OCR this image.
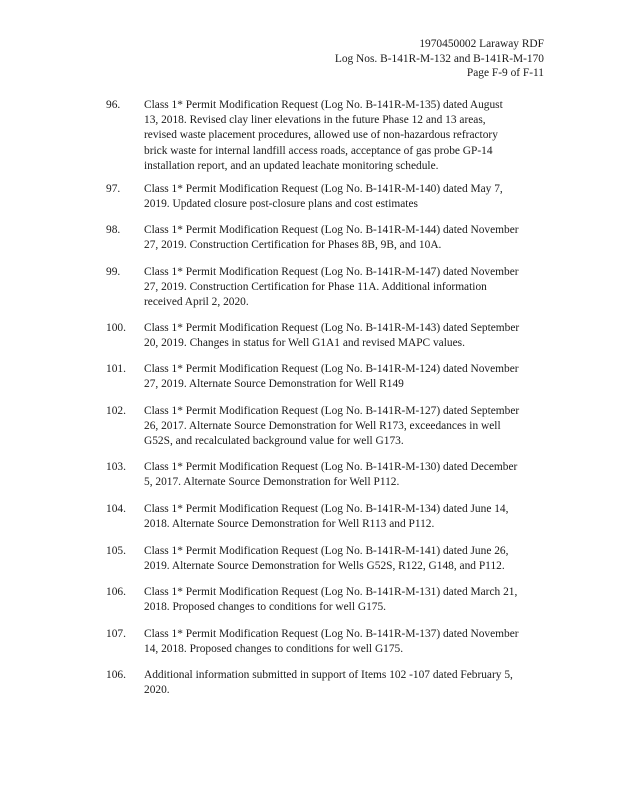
1970450002 Laraway RDF
Log Nos. B-141R-M-132 and B-141R-M-170
Page F-9 of F-11
96. Class 1* Permit Modification Request (Log No. B-141R-M-135) dated August
13, 2018. Revised clay liner elevations in the future Phase 12 and 13 areas,
revised waste placement procedures, allowed use of non-hazardous refractory
brick waste for internal landfill access roads, acceptance of gas probe GP-14
installation report, and an updated leachate monitoring schedule.
97. Class 1* Permit Modification Request (Log No. B-141R-M-140) dated May 7,
2019. Updated closure post-closure plans and cost estimates
98. Class 1* Permit Modification Request (Log No. B-141R-M-144) dated November
27, 2019. Construction Certification for Phases 8B, 9B, and 10A.
99. Class 1* Permit Modification Request (Log No. B-141R-M-147) dated November
27, 2019. Construction Certification for Phase 11A. Additional information
received April 2, 2020.
100. Class 1* Permit Modification Request (Log No. B-141R-M-143) dated September
20, 2019. Changes in status for Well G1A1 and revised MAPC values.
101. Class 1* Permit Modification Request (Log No. B-141R-M-124) dated November
27, 2019. Alternate Source Demonstration for Well R149
102. Class 1* Permit Modification Request (Log No. B-141R-M-127) dated September
26, 2017. Alternate Source Demonstration for Well R173, exceedances in well
G52S, and recalculated background value for well G173.
103. Class 1* Permit Modification Request (Log No. B-141R-M-130) dated December
5, 2017. Alternate Source Demonstration for Well P112.
104. Class 1* Permit Modification Request (Log No. B-141R-M-134) dated June 14,
2018. Alternate Source Demonstration for Well R113 and P112.
105. Class 1* Permit Modification Request (Log No. B-141R-M-141) dated June 26,
2019. Alternate Source Demonstration for Wells G52S, R122, G148, and P112.
106. Class 1* Permit Modification Request (Log No. B-141R-M-131) dated March 21,
2018. Proposed changes to conditions for well G175.
107. Class 1* Permit Modification Request (Log No. B-141R-M-137) dated November
14, 2018. Proposed changes to conditions for well G175.
106. Additional information submitted in support of Items 102 -107 dated February 5,
2020.
